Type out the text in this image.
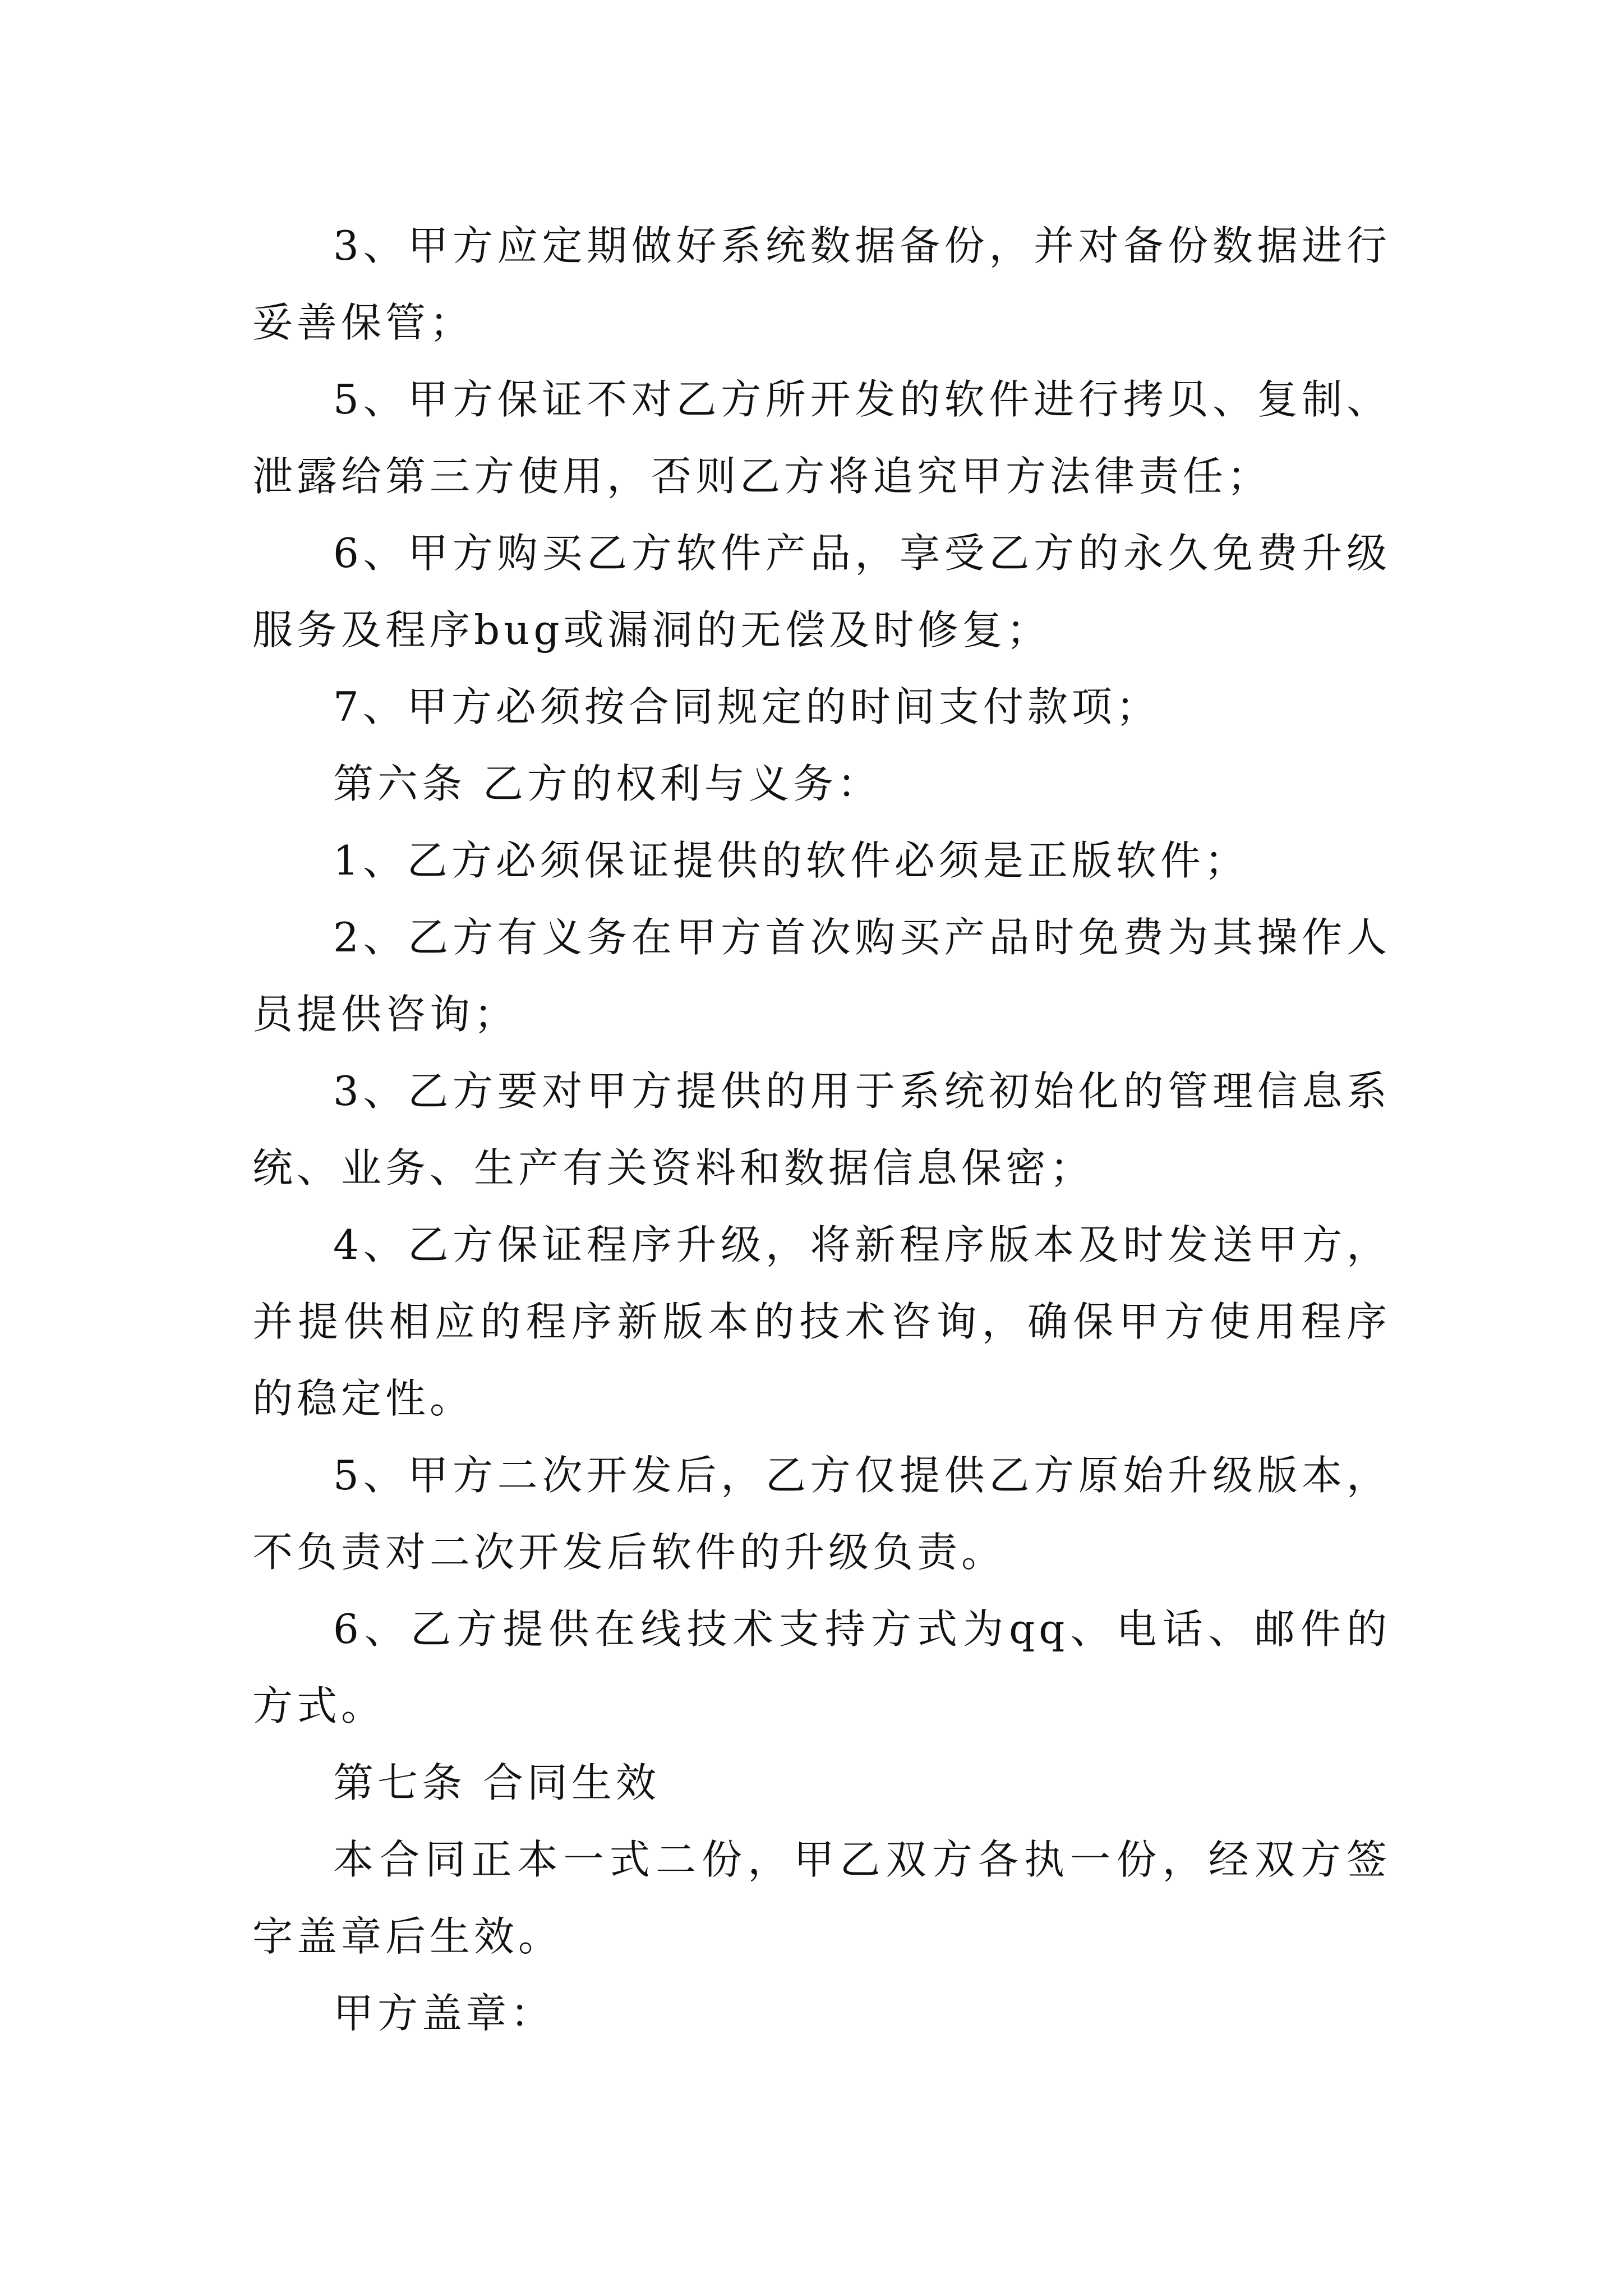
3、甲方应定期做好系统数据备份，并对备份数据进行妥善保管；

5、甲方保证不对乙方所开发的软件进行拷贝、复制、泄露给第三方使用，否则乙方将追究甲方法律责任；

6、甲方购买乙方软件产品，享受乙方的永久免费升级服务及程序bug或漏洞的无偿及时修复；

7、甲方必须按合同规定的时间支付款项；

第六条 乙方的权利与义务：

1、乙方必须保证提供的软件必须是正版软件；

2、乙方有义务在甲方首次购买产品时免费为其操作人员提供咨询；

3、乙方要对甲方提供的用于系统初始化的管理信息系统、业务、生产有关资料和数据信息保密；

4、乙方保证程序升级，将新程序版本及时发送甲方，并提供相应的程序新版本的技术咨询，确保甲方使用程序的稳定性。

5、甲方二次开发后，乙方仅提供乙方原始升级版本，不负责对二次开发后软件的升级负责。

6、乙方提供在线技术支持方式为qq、电话、邮件的方式。

第七条 合同生效

本合同正本一式二份，甲乙双方各执一份，经双方签字盖章后生效。

甲方盖章：
